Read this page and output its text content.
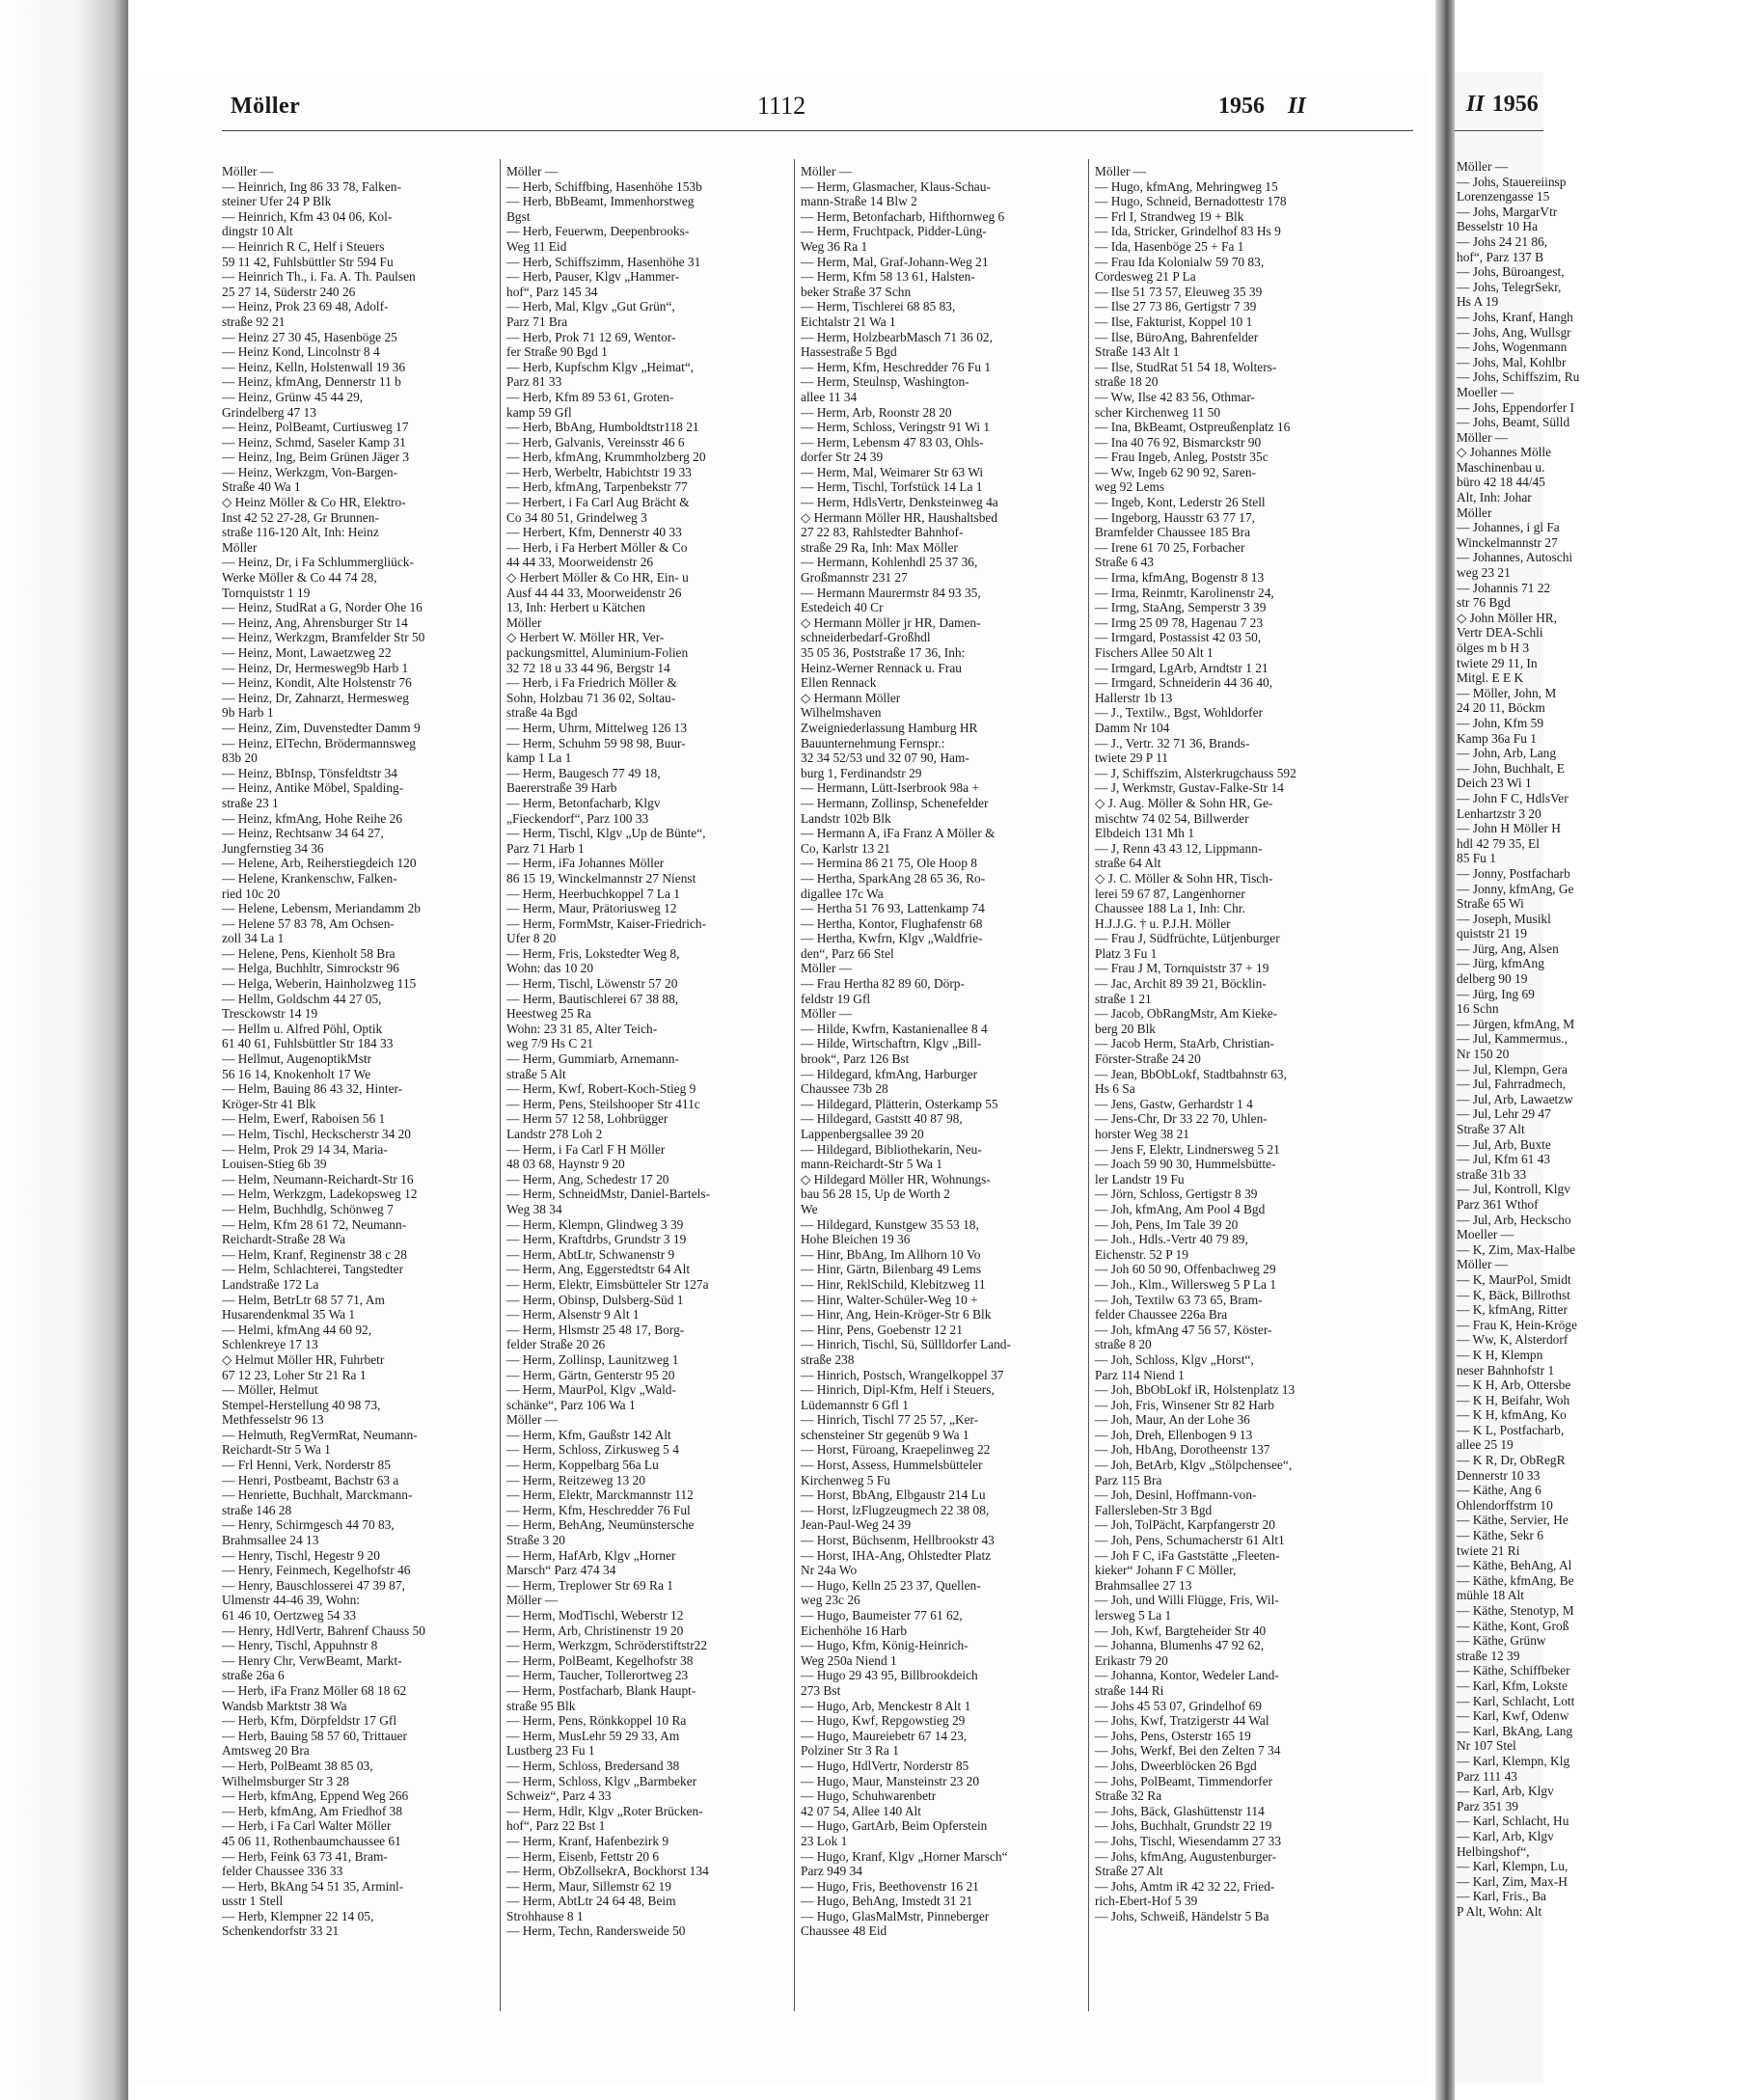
Möller	1112	1956 II
Möller —
— Heinrich, Ing 86 33 78, Falken-
steiner Ufer 24 P Blk
— Heinrich, Kfm 43 04 06, Kol-
dingstr 10 Alt
— Heinrich R C, Helf i Steuers
59 11 42, Fuhlsbüttler Str 594 Fu
— Heinrich Th., i. Fa. A. Th. Paulsen
25 27 14, Süderstr 240 26
— Heinz, Prok 23 69 48, Adolf-
straße 92 21
— Heinz 27 30 45, Hasenböge 25
— Heinz Kond, Lincolnstr 8 4
— Heinz, Kelln, Holstenwall 19 36
— Heinz, kfmAng, Dennerstr 11 b
— Heinz, Grünw 45 44 29,
Grindelberg 47 13
— Heinz, PolBeamt, Curtiusweg 17
— Heinz, Schmd, Saseler Kamp 31
— Heinz, Ing, Beim Grünen Jäger 3
— Heinz, Werkzgm, Von-Bargen-
Straße 40 Wa 1
◇ Heinz Möller & Co HR, Elektro-
Inst 42 52 27-28, Gr Brunnen-
straße 116-120 Alt, Inh: Heinz
Möller
— Heinz, Dr, i Fa Schlummergliück-
Werke Möller & Co 44 74 28,
Tornquiststr 1 19
— Heinz, StudRat a G, Norder Ohe 16
— Heinz, Ang, Ahrensburger Str 14
— Heinz, Werkzgm, Bramfelder Str 50
— Heinz, Mont, Lawaetzweg 22
— Heinz, Dr, Hermesweg9b Harb 1
— Heinz, Kondit, Alte Holstenstr 76
— Heinz, Dr, Zahnarzt, Hermesweg
9b Harb 1
— Heinz, Zim, Duvenstedter Damm 9
— Heinz, ElTechn, Brödermannsweg
83b 20
— Heinz, BbInsp, Tönsfeldtstr 34
— Heinz, Antike Möbel, Spalding-
straße 23 1
— Heinz, kfmAng, Hohe Reihe 26
— Heinz, Rechtsanw 34 64 27,
Jungfernstieg 34 36
— Helene, Arb, Reiherstiegdeich 120
— Helene, Krankenschw, Falken-
ried 10c 20
— Helene, Lebensm, Meriandamm 2b
— Helene 57 83 78, Am Ochsen-
zoll 34 La 1
— Helene, Pens, Kienholt 58 Bra
— Helga, Buchhltr, Simrockstr 96
— Helga, Weberin, Hainholzweg 115
— Hellm, Goldschm 44 27 05,
Tresckowstr 14 19
— Hellm u. Alfred Pöhl, Optik
61 40 61, Fuhlsbüttler Str 184 33
— Hellmut, AugenoptikMstr
56 16 14, Knokenholt 17 We
— Helm, Bauing 86 43 32, Hinter-
Kröger-Str 41 Blk
— Helm, Ewerf, Raboisen 56 1
— Helm, Tischl, Heckscherstr 34 20
— Helm, Prok 29 14 34, Maria-
Louisen-Stieg 6b 39
— Helm, Neumann-Reichardt-Str 16
— Helm, Werkzgm, Ladekopsweg 12
— Helm, Buchhdlg, Schönweg 7
— Helm, Kfm 28 61 72, Neumann-
Reichardt-Straße 28 Wa
— Helm, Kranf, Reginenstr 38 c 28
— Helm, Schlachterei, Tangstedter
Landstraße 172 La
— Helm, BetrLtr 68 57 71, Am
Husarendenkmal 35 Wa 1
— Helmi, kfmAng 44 60 92,
Schlenkreye 17 13
◇ Helmut Möller HR, Fuhrbetr
67 12 23, Loher Str 21 Ra 1
— Möller, Helmut
Stempel-Herstellung 40 98 73,
Methfesselstr 96 13
— Helmuth, RegVermRat, Neumann-
Reichardt-Str 5 Wa 1
— Frl Henni, Verk, Norderstr 85
— Henri, Postbeamt, Bachstr 63 a
— Henriette, Buchhalt, Marckmann-
straße 146 28
— Henry, Schirmgesch 44 70 83,
Brahmsallee 24 13
— Henry, Tischl, Hegestr 9 20
— Henry, Feinmech, Kegelhofstr 46
— Henry, Bauschlosserei 47 39 87,
Ulmenstr 44-46 39, Wohn:
61 46 10, Oertzweg 54 33
— Henry, HdlVertr, Bahrenf Chauss 50
— Henry, Tischl, Appuhnstr 8
— Henry Chr, VerwBeamt, Markt-
straße 26a 6
— Herb, iFa Franz Möller 68 18 62
Wandsb Marktstr 38 Wa
— Herb, Kfm, Dörpfeldstr 17 Gfl
— Herb, Bauing 58 57 60, Trittauer
Amtsweg 20 Bra
— Herb, PolBeamt 38 85 03,
Wilhelmsburger Str 3 28
— Herb, kfmAng, Eppend Weg 266
— Herb, kfmAng, Am Friedhof 38
— Herb, i Fa Carl Walter Möller
45 06 11, Rothenbaumchaussee 61
— Herb, Feink 63 73 41, Bram-
felder Chaussee 336 33
— Herb, BkAng 54 51 35, Arminl-
usstr 1 Stell
— Herb, Klempner 22 14 05,
Schenkendorfstr 33 21
Möller —
— Herb, Schiffbing, Hasenhöhe 153b
— Herb, BbBeamt, Immenhorstweg
Bgst
— Herb, Feuerwm, Deepenbrooks-
Weg 11 Eid
— Herb, Schiffszimm, Hasenhöhe 31
— Herb, Pauser, Klgv „Hammer-
hof“, Parz 145 34
— Herb, Mal, Klgv „Gut Grün“,
Parz 71 Bra
— Herb, Prok 71 12 69, Wentor-
fer Straße 90 Bgd 1
— Herb, Kupfschm Klgv „Heimat“,
Parz 81 33
— Herb, Kfm 89 53 61, Groten-
kamp 59 Gfl
— Herb, BbAng, Humboldtstr118 21
— Herb, Galvanis, Vereinsstr 46 6
— Herb, kfmAng, Krummholzberg 20
— Herb, Werbeltr, Habichtstr 19 33
— Herb, kfmAng, Tarpenbekstr 77
— Herbert, i Fa Carl Aug Brächt &
Co 34 80 51, Grindelweg 3
— Herbert, Kfm, Dennerstr 40 33
— Herb, i Fa Herbert Möller & Co
44 44 33, Moorweidenstr 26
◇ Herbert Möller & Co HR, Ein- u
Ausf 44 44 33, Moorweidenstr 26
13, Inh: Herbert u Kätchen
Möller
◇ Herbert W. Möller HR, Ver-
packungsmittel, Aluminium-Folien
32 72 18 u 33 44 96, Bergstr 14
— Herb, i Fa Friedrich Möller &
Sohn, Holzbau 71 36 02, Soltau-
straße 4a Bgd
— Herm, Uhrm, Mittelweg 126 13
— Herm, Schuhm 59 98 98, Buur-
kamp 1 La 1
— Herm, Baugesch 77 49 18,
Baererstraße 39 Harb
— Herm, Betonfacharb, Klgv
„Fieckendorf“, Parz 100 33
— Herm, Tischl, Klgv „Up de Bünte“,
Parz 71 Harb 1
— Herm, iFa Johannes Möller
86 15 19, Winckelmannstr 27 Nienst
— Herm, Heerbuchkoppel 7 La 1
— Herm, Maur, Prätoriusweg 12
— Herm, FormMstr, Kaiser-Friedrich-
Ufer 8 20
— Herm, Fris, Lokstedter Weg 8,
Wohn: das 10 20
— Herm, Tischl, Löwenstr 57 20
— Herm, Bautischlerei 67 38 88,
Heestweg 25 Ra
Wohn: 23 31 85, Alter Teich-
weg 7/9 Hs C 21
— Herm, Gummiarb, Arnemann-
straße 5 Alt
— Herm, Kwf, Robert-Koch-Stieg 9
— Herm, Pens, Steilshooper Str 411c
— Herm 57 12 58, Lohbrügger
Landstr 278 Loh 2
— Herm, i Fa Carl F H Möller
48 03 68, Haynstr 9 20
— Herm, Ang, Schedestr 17 20
— Herm, SchneidMstr, Daniel-Bartels-
Weg 38 34
— Herm, Klempn, Glindweg 3 39
— Herm, Kraftdrbs, Grundstr 3 19
— Herm, AbtLtr, Schwanenstr 9
— Herm, Ang, Eggerstedtstr 64 Alt
— Herm, Elektr, Eimsbütteler Str 127a
— Herm, Obinsp, Dulsberg-Süd 1
— Herm, Alsenstr 9 Alt 1
— Herm, Hlsmstr 25 48 17, Borg-
felder Straße 20 26
— Herm, Zollinsp, Launitzweg 1
— Herm, Gärtn, Genterstr 95 20
— Herm, MaurPol, Klgv „Wald-
schänke“, Parz 106 Wa 1
Möller —
— Herm, Kfm, Gaußstr 142 Alt
— Herm, Schloss, Zirkusweg 5 4
— Herm, Koppelbarg 56a Lu
— Herm, Reitzeweg 13 20
— Herm, Elektr, Marckmannstr 112
— Herm, Kfm, Heschredder 76 Ful
— Herm, BehAng, Neumünstersche
Straße 3 20
— Herm, HafArb, Klgv „Horner
Marsch“ Parz 474 34
— Herm, Treplower Str 69 Ra 1
Möller —
— Herm, ModTischl, Weberstr 12
— Herm, Arb, Christinenstr 19 20
— Herm, Werkzgm, Schröderstiftstr22
— Herm, PolBeamt, Kegelhofstr 38
— Herm, Taucher, Tollerortweg 23
— Herm, Postfacharb, Blank Haupt-
straße 95 Blk
— Herm, Pens, Rönkkoppel 10 Ra
— Herm, MusLehr 59 29 33, Am
Lustberg 23 Fu 1
— Herm, Schloss, Bredersand 38
— Herm, Schloss, Klgv „Barmbeker
Schweiz“, Parz 4 33
— Herm, Hdlr, Klgv „Roter Brücken-
hof“, Parz 22 Bst 1
— Herm, Kranf, Hafenbezirk 9
— Herm, Eisenb, Fettstr 20 6
— Herm, ObZollsekrA, Bockhorst 134
— Herm, Maur, Sillemstr 62 19
— Herm, AbtLtr 24 64 48, Beim
Strohhause 8 1
— Herm, Techn, Randersweide 50
Möller —
— Herm, Glasmacher, Klaus-Schau-
mann-Straße 14 Blw 2
— Herm, Betonfacharb, Hifthornweg 6
— Herm, Fruchtpack, Pidder-Lüng-
Weg 36 Ra 1
— Herm, Mal, Graf-Johann-Weg 21
— Herm, Kfm 58 13 61, Halsten-
beker Straße 37 Schn
— Herm, Tischlerei 68 85 83,
Eichtalstr 21 Wa 1
— Herm, HolzbearbMasch 71 36 02,
Hassestraße 5 Bgd
— Herm, Kfm, Heschredder 76 Fu 1
— Herm, Steulnsp, Washington-
allee 11 34
— Herm, Arb, Roonstr 28 20
— Herm, Schloss, Veringstr 91 Wi 1
— Herm, Lebensm 47 83 03, Ohls-
dorfer Str 24 39
— Herm, Mal, Weimarer Str 63 Wi
— Herm, Tischl, Torfstück 14 La 1
— Herm, HdlsVertr, Denksteinweg 4a
◇ Hermann Möller HR, Haushaltsbed
27 22 83, Rahlstedter Bahnhof-
straße 29 Ra, Inh: Max Möller
— Hermann, Kohlenhdl 25 37 36,
Großmannstr 231 27
— Hermann Maurermstr 84 93 35,
Estedeich 40 Cr
◇ Hermann Möller jr HR, Damen-
schneiderbedarf-Großhdl
35 05 36, Poststraße 17 36, Inh:
Heinz-Werner Rennack u. Frau
Ellen Rennack
◇ Hermann Möller
Wilhelmshaven
Zweigniederlassung Hamburg HR
Bauunternehmung Fernspr.:
32 34 52/53 und 32 07 90, Ham-
burg 1, Ferdinandstr 29
— Hermann, Lütt-Iserbrook 98a +
— Hermann, Zollinsp, Schenefelder
Landstr 102b Blk
— Hermann A, iFa Franz A Möller &
Co, Karlstr 13 21
— Hermina 86 21 75, Ole Hoop 8
— Hertha, SparkAng 28 65 36, Ro-
digallee 17c Wa
— Hertha 51 76 93, Lattenkamp 74
— Hertha, Kontor, Flughafenstr 68
— Hertha, Kwfrn, Klgv „Waldfrie-
den“, Parz 66 Stel
Möller —
— Frau Hertha 82 89 60, Dörp-
feldstr 19 Gfl
Möller —
— Hilde, Kwfrn, Kastanienallee 8 4
— Hilde, Wirtschaftrn, Klgv „Bill-
brook“, Parz 126 Bst
— Hildegard, kfmAng, Harburger
Chaussee 73b 28
— Hildegard, Plätterin, Osterkamp 55
— Hildegard, Gaststt 40 87 98,
Lappenbergsallee 39 20
— Hildegard, Bibliothekarin, Neu-
mann-Reichardt-Str 5 Wa 1
◇ Hildegard Möller HR, Wohnungs-
bau 56 28 15, Up de Worth 2
We
— Hildegard, Kunstgew 35 53 18,
Hohe Bleichen 19 36
— Hinr, BbAng, Im Allhorn 10 Vo
— Hinr, Gärtn, Bilenbarg 49 Lems
— Hinr, ReklSchild, Klebitzweg 11
— Hinr, Walter-Schüler-Weg 10 +
— Hinr, Ang, Hein-Kröger-Str 6 Blk
— Hinr, Pens, Goebenstr 12 21
— Hinrich, Tischl, Sü, Süllldorfer Land-
straße 238
— Hinrich, Postsch, Wrangelkoppel 37
— Hinrich, Dipl-Kfm, Helf i Steuers,
Lüdemannstr 6 Gfl 1
— Hinrich, Tischl 77 25 57, „Ker-
schensteiner Str gegenüb 9 Wa 1
— Horst, Füroang, Kraepelinweg 22
— Horst, Assess, Hummelsbütteler
Kirchenweg 5 Fu
— Horst, BbAng, Elbgaustr 214 Lu
— Horst, lzFlugzeugmech 22 38 08,
Jean-Paul-Weg 24 39
— Horst, Büchsenm, Hellbrookstr 43
— Horst, IHA-Ang, Ohlstedter Platz
Nr 24a Wo
— Hugo, Kelln 25 23 37, Quellen-
weg 23c 26
— Hugo, Baumeister 77 61 62,
Eichenhöhe 16 Harb
— Hugo, Kfm, König-Heinrich-
Weg 250a Niend 1
— Hugo 29 43 95, Billbrookdeich
273 Bst
— Hugo, Arb, Menckestr 8 Alt 1
— Hugo, Kwf, Repgowstieg 29
— Hugo, Maureiebetr 67 14 23,
Polziner Str 3 Ra 1
— Hugo, HdlVertr, Norderstr 85
— Hugo, Maur, Mansteinstr 23 20
— Hugo, Schuhwarenbetr
42 07 54, Allee 140 Alt
— Hugo, GartArb, Beim Opferstein
23 Lok 1
— Hugo, Kranf, Klgv „Horner Marsch“
Parz 949 34
— Hugo, Fris, Beethovenstr 16 21
— Hugo, BehAng, Imstedt 31 21
— Hugo, GlasMalMstr, Pinneberger
Chaussee 48 Eid
Möller —
— Hugo, kfmAng, Mehringweg 15
— Hugo, Schneid, Bernadottestr 178
— Frl I, Strandweg 19 + Blk
— Ida, Stricker, Grindelhof 83 Hs 9
— Ida, Hasenböge 25 + Fa 1
— Frau Ida Kolonialw 59 70 83,
Cordesweg 21 P La
— Ilse 51 73 57, Eleuweg 35 39
— Ilse 27 73 86, Gertigstr 7 39
— Ilse, Fakturist, Koppel 10 1
— Ilse, BüroAng, Bahrenfelder
Straße 143 Alt 1
— Ilse, StudRat 51 54 18, Wolters-
straße 18 20
— Ww, Ilse 42 83 56, Othmar-
scher Kirchenweg 11 50
— Ina, BkBeamt, Ostpreußenplatz 16
— Ina 40 76 92, Bismarckstr 90
— Frau Ingeb, Anleg, Poststr 35c
— Ww, Ingeb 62 90 92, Saren-
weg 92 Lems
— Ingeb, Kont, Lederstr 26 Stell
— Ingeborg, Hausstr 63 77 17,
Bramfelder Chaussee 185 Bra
— Irene 61 70 25, Forbacher
Straße 6 43
— Irma, kfmAng, Bogenstr 8 13
— Irma, Reinmtr, Karolinenstr 24,
— Irmg, StaAng, Semperstr 3 39
— Irmg 25 09 78, Hagenau 7 23
— Irmgard, Postassist 42 03 50,
Fischers Allee 50 Alt 1
— Irmgard, LgArb, Arndtstr 1 21
— Irmgard, Schneiderin 44 36 40,
Hallerstr 1b 13
— J., Textilw., Bgst, Wohldorfer
Damm Nr 104
— J., Vertr. 32 71 36, Brands-
twiete 29 P 11
— J, Schiffszim, Alsterkrugchauss 592
— J, Werkmstr, Gustav-Falke-Str 14
◇ J. Aug. Möller & Sohn HR, Ge-
mischtw 74 02 54, Billwerder
Elbdeich 131 Mh 1
— J, Renn 43 43 12, Lippmann-
straße 64 Alt
◇ J. C. Möller & Sohn HR, Tisch-
lerei 59 67 87, Langenhorner
Chaussee 188 La 1, Inh: Chr.
H.J.J.G. † u. P.J.H. Möller
— Frau J, Südfrüchte, Lütjenburger
Platz 3 Fu 1
— Frau J M, Tornquiststr 37 + 19
— Jac, Archit 89 39 21, Böcklin-
straße 1 21
— Jacob, ObRangMstr, Am Kieke-
berg 20 Blk
— Jacob Herm, StaArb, Christian-
Förster-Straße 24 20
— Jean, BbObLokf, Stadtbahnstr 63,
Hs 6 Sa
— Jens, Gastw, Gerhardstr 1 4
— Jens-Chr, Dr 33 22 70, Uhlen-
horster Weg 38 21
— Jens F, Elektr, Lindnersweg 5 21
— Joach 59 90 30, Hummelsbütte-
ler Landstr 19 Fu
— Jörn, Schloss, Gertigstr 8 39
— Joh, kfmAng, Am Pool 4 Bgd
— Joh, Pens, Im Tale 39 20
— Joh., Hdls.-Vertr 40 79 89,
Eichenstr. 52 P 19
— Joh 60 50 90, Offenbachweg 29
— Joh., Klm., Willersweg 5 P La 1
— Joh, Textilw 63 73 65, Bram-
felder Chaussee 226a Bra
— Joh, kfmAng 47 56 57, Köster-
straße 8 20
— Joh, Schloss, Klgv „Horst“,
Parz 114 Niend 1
— Joh, BbObLokf iR, Holstenplatz 13
— Joh, Fris, Winsener Str 82 Harb
— Joh, Maur, An der Lohe 36
— Joh, Dreh, Ellenbogen 9 13
— Joh, HbAng, Dorotheenstr 137
— Joh, BetArb, Klgv „Stölpchensee“,
Parz 115 Bra
— Joh, Desinl, Hoffmann-von-
Fallersleben-Str 3 Bgd
— Joh, TolPächt, Karpfangerstr 20
— Joh, Pens, Schumacherstr 61 Alt1
— Joh F C, iFa Gaststätte „Fleeten-
kieker“ Johann F C Möller,
Brahmsallee 27 13
— Joh, und Willi Flügge, Fris, Wil-
lersweg 5 La 1
— Joh, Kwf, Bargteheider Str 40
— Johanna, Blumenhs 47 92 62,
Erikastr 79 20
— Johanna, Kontor, Wedeler Land-
straße 144 Ri
— Johs 45 53 07, Grindelhof 69
— Johs, Kwf, Tratzigerstr 44 Wal
— Johs, Pens, Osterstr 165 19
— Johs, Werkf, Bei den Zelten 7 34
— Johs, Dweerblöcken 26 Bgd
— Johs, PolBeamt, Timmendorfer
Straße 32 Ra
— Johs, Bäck, Glashüttenstr 114
— Johs, Buchhalt, Grundstr 22 19
— Johs, Tischl, Wiesendamm 27 33
— Johs, kfmAng, Augustenburger-
Straße 27 Alt
— Johs, Amtm iR 42 32 22, Fried-
rich-Ebert-Hof 5 39
— Johs, Schweiß, Händelstr 5 Ba
II 1956
Möller —
— Johs, Stauereiinsp
Lorenzengasse 15
— Johs, MargarVtr
Besselstr 10 Ha
— Johs 24 21 86,
hof“, Parz 137 B
— Johs, Büroangest,
— Johs, TelegrSekr,
Hs A 19
— Johs, Kranf, Hangh
— Johs, Ang, Wullsgr
— Johs, Wogenmann
— Johs, Mal, Kohlbr
— Johs, Schiffszim, Ru
Moeller —
— Johs, Eppendorfer I
— Johs, Beamt, Sülld
Möller —
◇ Johannes Mölle
Maschinenbau u.
büro 42 18 44/45
Alt, Inh: Johar
Möller
— Johannes, i gl Fa
Winckelmannstr 27
— Johannes, Autoschi
weg 23 21
— Johannis 71 22
str 76 Bgd
◇ John Möller HR,
Vertr DEA-Schli
ölges m b H 3
twiete 29 11, In
Mitgl. E E K
— Möller, John, M
24 20 11, Böckm
— John, Kfm 59
Kamp 36a Fu 1
— John, Arb, Lang
— John, Buchhalt, E
Deich 23 Wi 1
— John F C, HdlsVer
Lenhartzstr 3 20
— John H Möller H
hdl 42 79 35, El
85 Fu 1
— Jonny, Postfacharb
— Jonny, kfmAng, Ge
Straße 65 Wi
— Joseph, Musikl
quiststr 21 19
— Jürg, Ang, Alsen
— Jürg, kfmAng
delberg 90 19
— Jürg, Ing 69
16 Schn
— Jürgen, kfmAng, M
— Jul, Kammermus.,
Nr 150 20
— Jul, Klempn, Gera
— Jul, Fahrradmech,
— Jul, Arb, Lawaetzw
— Jul, Lehr 29 47
Straße 37 Alt
— Jul, Arb, Buxte
— Jul, Kfm 61 43
straße 31b 33
— Jul, Kontroll, Klgv
Parz 361 Wthof
— Jul, Arb, Heckscho
Moeller —
— K, Zim, Max-Halbe
Möller —
— K, MaurPol, Smidt
— K, Bäck, Billrothst
— K, kfmAng, Ritter
— Frau K, Hein-Kröge
— Ww, K, Alsterdorf
— K H, Klempn
neser Bahnhofstr 1
— K H, Arb, Ottersbe
— K H, Beifahr, Woh
— K H, kfmAng, Ko
— K L, Postfacharb,
allee 25 19
— K R, Dr, ObRegR
Dennerstr 10 33
— Käthe, Ang 6
Ohlendorffstrm 10
— Käthe, Servier, He
— Käthe, Sekr 6
twiete 21 Ri
— Käthe, BehAng, Al
— Käthe, kfmAng, Be
mühle 18 Alt
— Käthe, Stenotyp, M
— Käthe, Kont, Groß
— Käthe, Grünw
straße 12 39
— Käthe, Schiffbeker
— Karl, Kfm, Lokste
— Karl, Schlacht, Lott
— Karl, Kwf, Odenw
— Karl, BkAng, Lang
Nr 107 Stel
— Karl, Klempn, Klg
Parz 111 43
— Karl, Arb, Klgv
Parz 351 39
— Karl, Schlacht, Hu
— Karl, Arb, Klgv
Helbingshof“,
— Karl, Klempn, Lu,
— Karl, Zim, Max-H
— Karl, Fris., Ba
P Alt, Wohn: Alt
